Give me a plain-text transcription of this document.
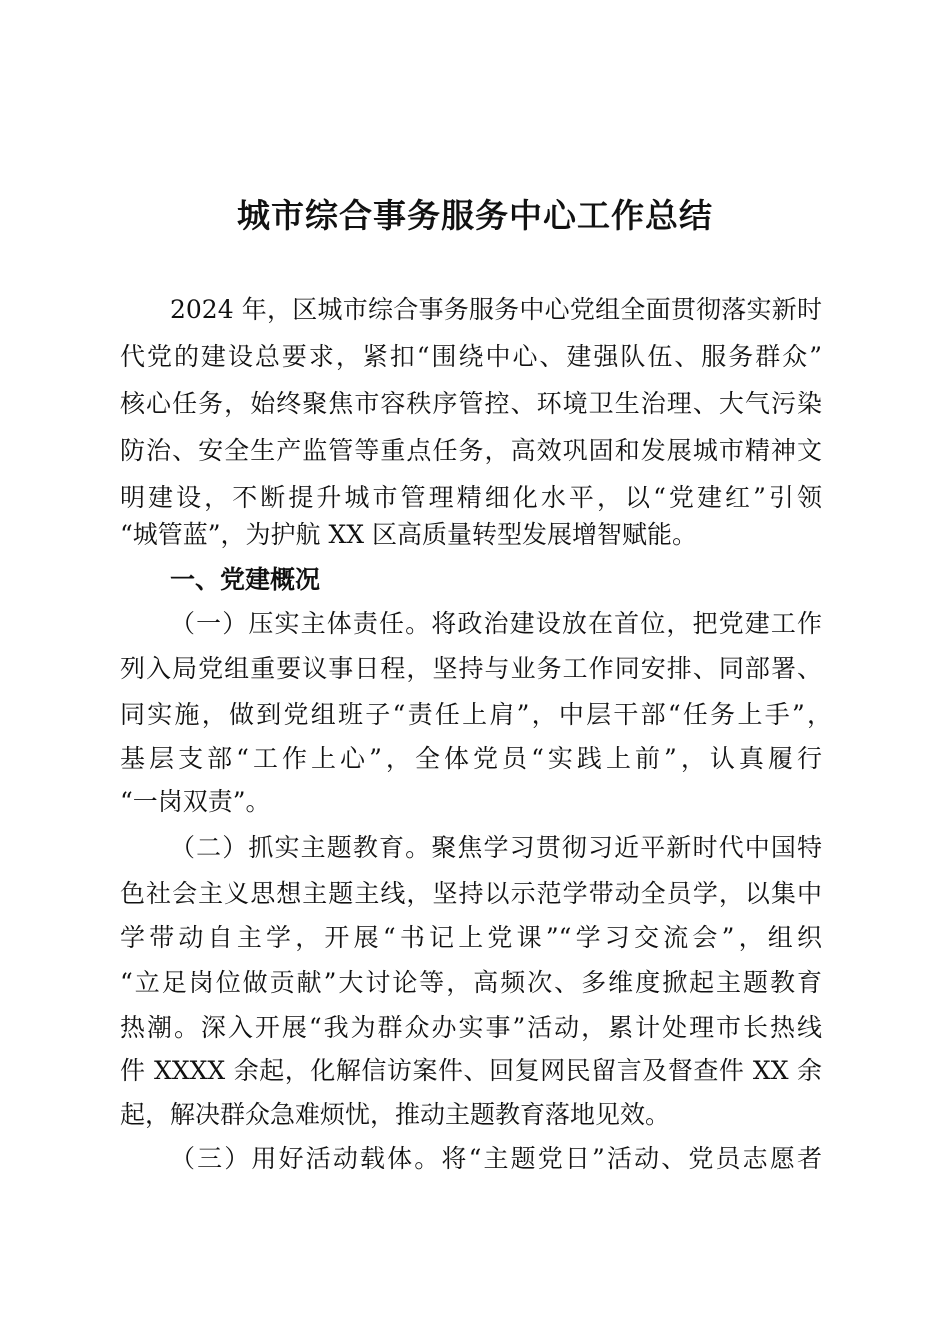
城市综合事务服务中心工作总结
2024 年，区城市综合事务服务中心党组全面贯彻落实新时
代党的建设总要求，紧扣“围绕中心、建强队伍、服务群众”
核心任务，始终聚焦市容秩序管控、环境卫生治理、大气污染
防治、安全生产监管等重点任务，高效巩固和发展城市精神文
明建设，不断提升城市管理精细化水平，以“党建红”引领
“城管蓝”，为护航 XX 区高质量转型发展增智赋能。
一、党建概况
（一）压实主体责任。将政治建设放在首位，把党建工作
列入局党组重要议事日程，坚持与业务工作同安排、同部署、
同实施，做到党组班子“责任上肩”，中层干部“任务上手”，
基层支部“工作上心”，全体党员“实践上前”，认真履行
“一岗双责”。
（二）抓实主题教育。聚焦学习贯彻习近平新时代中国特
色社会主义思想主题主线，坚持以示范学带动全员学，以集中
学带动自主学，开展“书记上党课”“学习交流会”，组织
“立足岗位做贡献”大讨论等，高频次、多维度掀起主题教育
热潮。深入开展“我为群众办实事”活动，累计处理市长热线
件 XXXX 余起，化解信访案件、回复网民留言及督查件 XX 余
起，解决群众急难烦忧，推动主题教育落地见效。
（三）用好活动载体。将“主题党日”活动、党员志愿者
